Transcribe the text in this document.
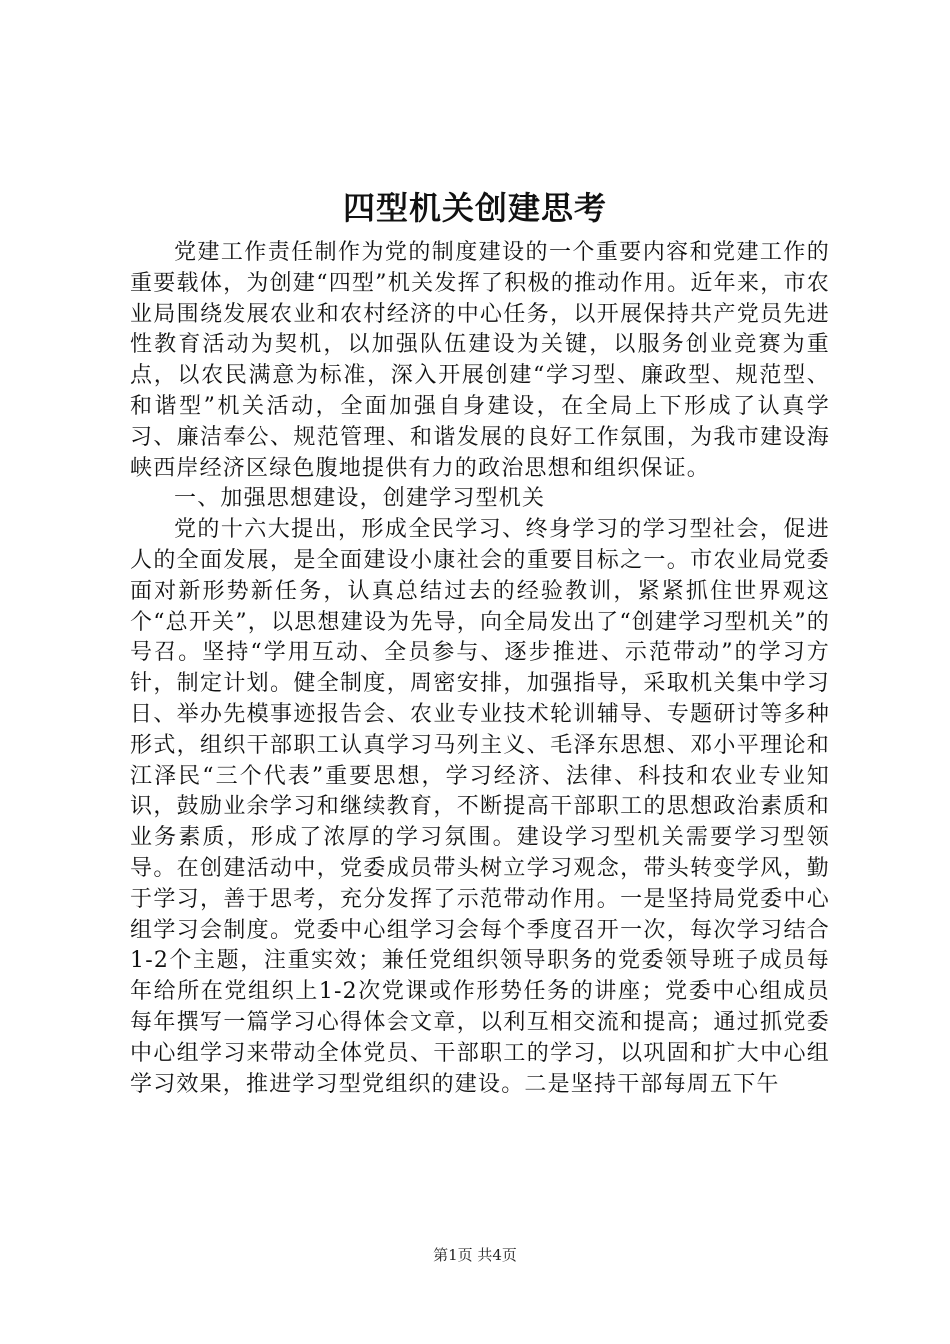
四型机关创建思考

党建工作责任制作为党的制度建设的一个重要内容和党建工作的重要载体，为创建“四型”机关发挥了积极的推动作用。近年来，市农业局围绕发展农业和农村经济的中心任务，以开展保持共产党员先进性教育活动为契机，以加强队伍建设为关键，以服务创业竞赛为重点，以农民满意为标准，深入开展创建“学习型、廉政型、规范型、和谐型”机关活动，全面加强自身建设，在全局上下形成了认真学习、廉洁奉公、规范管理、和谐发展的良好工作氛围，为我市建设海峡西岸经济区绿色腹地提供有力的政治思想和组织保证。

一、加强思想建设，创建学习型机关

党的十六大提出，形成全民学习、终身学习的学习型社会，促进人的全面发展，是全面建设小康社会的重要目标之一。市农业局党委面对新形势新任务，认真总结过去的经验教训，紧紧抓住世界观这个“总开关”，以思想建设为先导，向全局发出了“创建学习型机关”的号召。坚持“学用互动、全员参与、逐步推进、示范带动”的学习方针，制定计划。健全制度，周密安排，加强指导，采取机关集中学习日、举办先模事迹报告会、农业专业技术轮训辅导、专题研讨等多种形式，组织干部职工认真学习马列主义、毛泽东思想、邓小平理论和江泽民“三个代表”重要思想，学习经济、法律、科技和农业专业知识，鼓励业余学习和继续教育，不断提高干部职工的思想政治素质和业务素质，形成了浓厚的学习氛围。建设学习型机关需要学习型领导。在创建活动中，党委成员带头树立学习观念，带头转变学风，勤于学习，善于思考，充分发挥了示范带动作用。一是坚持局党委中心组学习会制度。党委中心组学习会每个季度召开一次，每次学习结合1-2个主题，注重实效；兼任党组织领导职务的党委领导班子成员每年给所在党组织上1-2次党课或作形势任务的讲座；党委中心组成员每年撰写一篇学习心得体会文章，以利互相交流和提高；通过抓党委中心组学习来带动全体党员、干部职工的学习，以巩固和扩大中心组学习效果，推进学习型党组织的建设。二是坚持干部每周五下午

第1页 共4页
